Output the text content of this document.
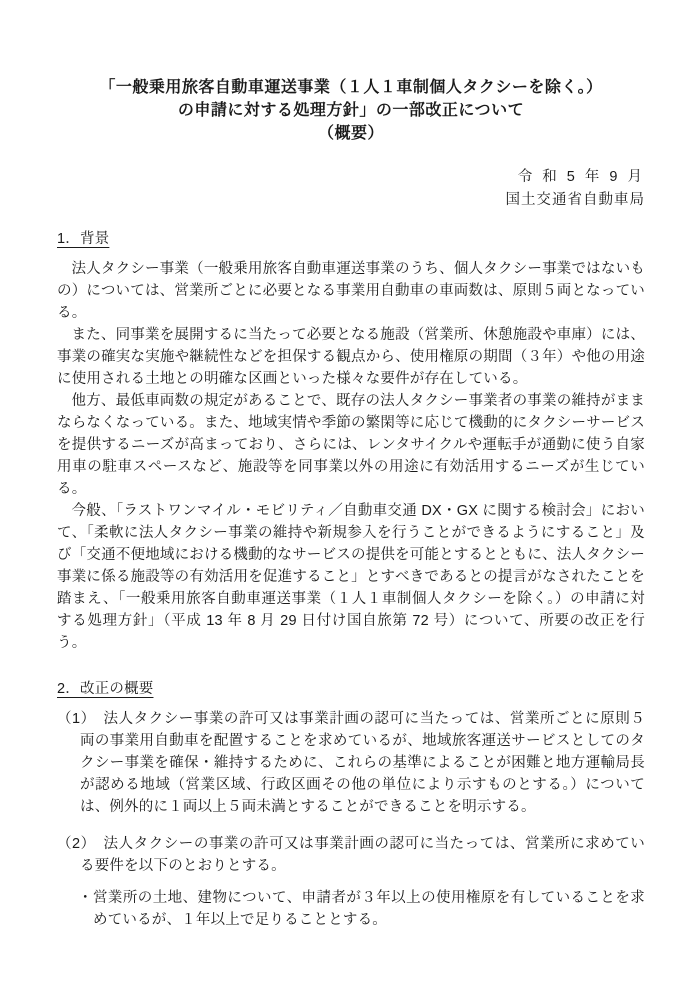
「一般乗用旅客自動車運送事業（１人１車制個人タクシーを除く。）
の申請に対する処理方針」の一部改正について
（概要）
令 和 5 年 9 月
国土交通省自動車局
1．背景

法人タクシー事業（一般乗用旅客自動車運送事業のうち、個人タクシー事業ではないもの）については、営業所ごとに必要となる事業用自動車の車両数は、原則５両となっている。

また、同事業を展開するに当たって必要となる施設（営業所、休憩施設や車庫）には、事業の確実な実施や継続性などを担保する観点から、使用権原の期間（３年）や他の用途に使用される土地との明確な区画といった様々な要件が存在している。

他方、最低車両数の規定があることで、既存の法人タクシー事業者の事業の維持がままならなくなっている。また、地域実情や季節の繁閑等に応じて機動的にタクシーサービスを提供するニーズが高まっており、さらには、レンタサイクルや運転手が通勤に使う自家用車の駐車スペースなど、施設等を同事業以外の用途に有効活用するニーズが生じている。

今般、「ラストワンマイル・モビリティ／自動車交通 DX・GX に関する検討会」において、「柔軟に法人タクシー事業の維持や新規参入を行うことができるようにすること」及び「交通不便地域における機動的なサービスの提供を可能とするとともに、法人タクシー事業に係る施設等の有効活用を促進すること」とすべきであるとの提言がなされたことを踏まえ、「一般乗用旅客自動車運送事業（１人１車制個人タクシーを除く。）の申請に対する処理方針」（平成 13 年 8 月 29 日付け国自旅第 72 号）について、所要の改正を行う。

2．改正の概要

（1）　法人タクシー事業の許可又は事業計画の認可に当たっては、営業所ごとに原則５両の事業用自動車を配置することを求めているが、地域旅客運送サービスとしてのタクシー事業を確保・維持するために、これらの基準によることが困難と地方運輸局長が認める地域（営業区域、行政区画その他の単位により示すものとする。）については、例外的に１両以上５両未満とすることができることを明示する。

（2）　法人タクシーの事業の許可又は事業計画の認可に当たっては、営業所に求めている要件を以下のとおりとする。

・営業所の土地、建物について、申請者が３年以上の使用権原を有していることを求めているが、１年以上で足りることとする。
